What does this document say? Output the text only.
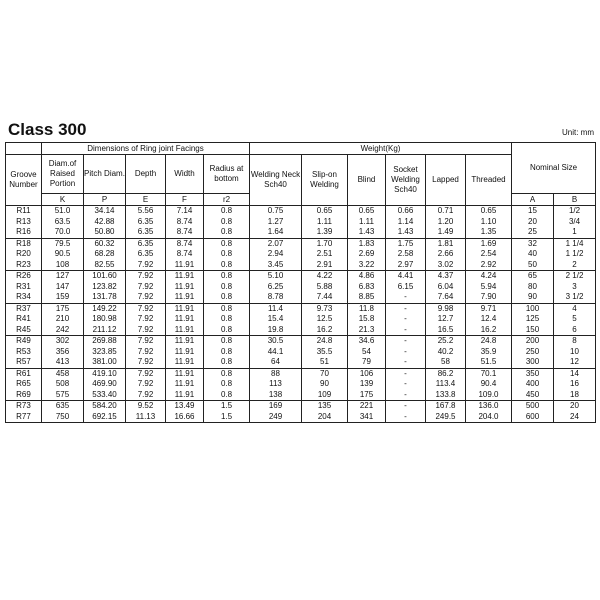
Class 300	Unit: mm
	Dimensions of Ring joint Facings					Weight(Kg)						Nominal Size	
Groove Number	Diam.of Raised Portion	Pitch Diam.	Depth	Width	Radius at bottom	Welding Neck Sch40	Slip-on Welding	Blind	Socket Welding Sch40	Lapped	Threaded		
	K	P	E	F	r2							A	B
R11	51.0	34.14	5.56	7.14	0.8	0.75	0.65	0.65	0.66	0.71	0.65	15	1/2
R13	63.5	42.88	6.35	8.74	0.8	1.27	1.11	1.11	1.14	1.20	1.10	20	3/4
R16	70.0	50.80	6.35	8.74	0.8	1.64	1.39	1.43	1.43	1.49	1.35	25	1
R18	79.5	60.32	6.35	8.74	0.8	2.07	1.70	1.83	1.75	1.81	1.69	32	1 1/4
R20	90.5	68.28	6.35	8.74	0.8	2.94	2.51	2.69	2.58	2.66	2.54	40	1 1/2
R23	108	82.55	7.92	11.91	0.8	3.45	2.91	3.22	2.97	3.02	2.92	50	2
R26	127	101.60	7.92	11.91	0.8	5.10	4.22	4.86	4.41	4.37	4.24	65	2 1/2
R31	147	123.82	7.92	11.91	0.8	6.25	5.88	6.83	6.15	6.04	5.94	80	3
R34	159	131.78	7.92	11.91	0.8	8.78	7.44	8.85	-	7.64	7.90	90	3 1/2
R37	175	149.22	7.92	11.91	0.8	11.4	9.73	11.8	-	9.98	9.71	100	4
R41	210	180.98	7.92	11.91	0.8	15.4	12.5	15.8	-	12.7	12.4	125	5
R45	242	211.12	7.92	11.91	0.8	19.8	16.2	21.3	-	16.5	16.2	150	6
R49	302	269.88	7.92	11.91	0.8	30.5	24.8	34.6	-	25.2	24.8	200	8
R53	356	323.85	7.92	11.91	0.8	44.1	35.5	54	-	40.2	35.9	250	10
R57	413	381.00	7.92	11.91	0.8	64	51	79	-	58	51.5	300	12
R61	458	419.10	7.92	11.91	0.8	88	70	106	-	86.2	70.1	350	14
R65	508	469.90	7.92	11.91	0.8	113	90	139	-	113.4	90.4	400	16
R69	575	533.40	7.92	11.91	0.8	138	109	175	-	133.8	109.0	450	18
R73	635	584.20	9.52	13.49	1.5	169	135	221	-	167.8	136.0	500	20
R77	750	692.15	11.13	16.66	1.5	249	204	341	-	249.5	204.0	600	24
